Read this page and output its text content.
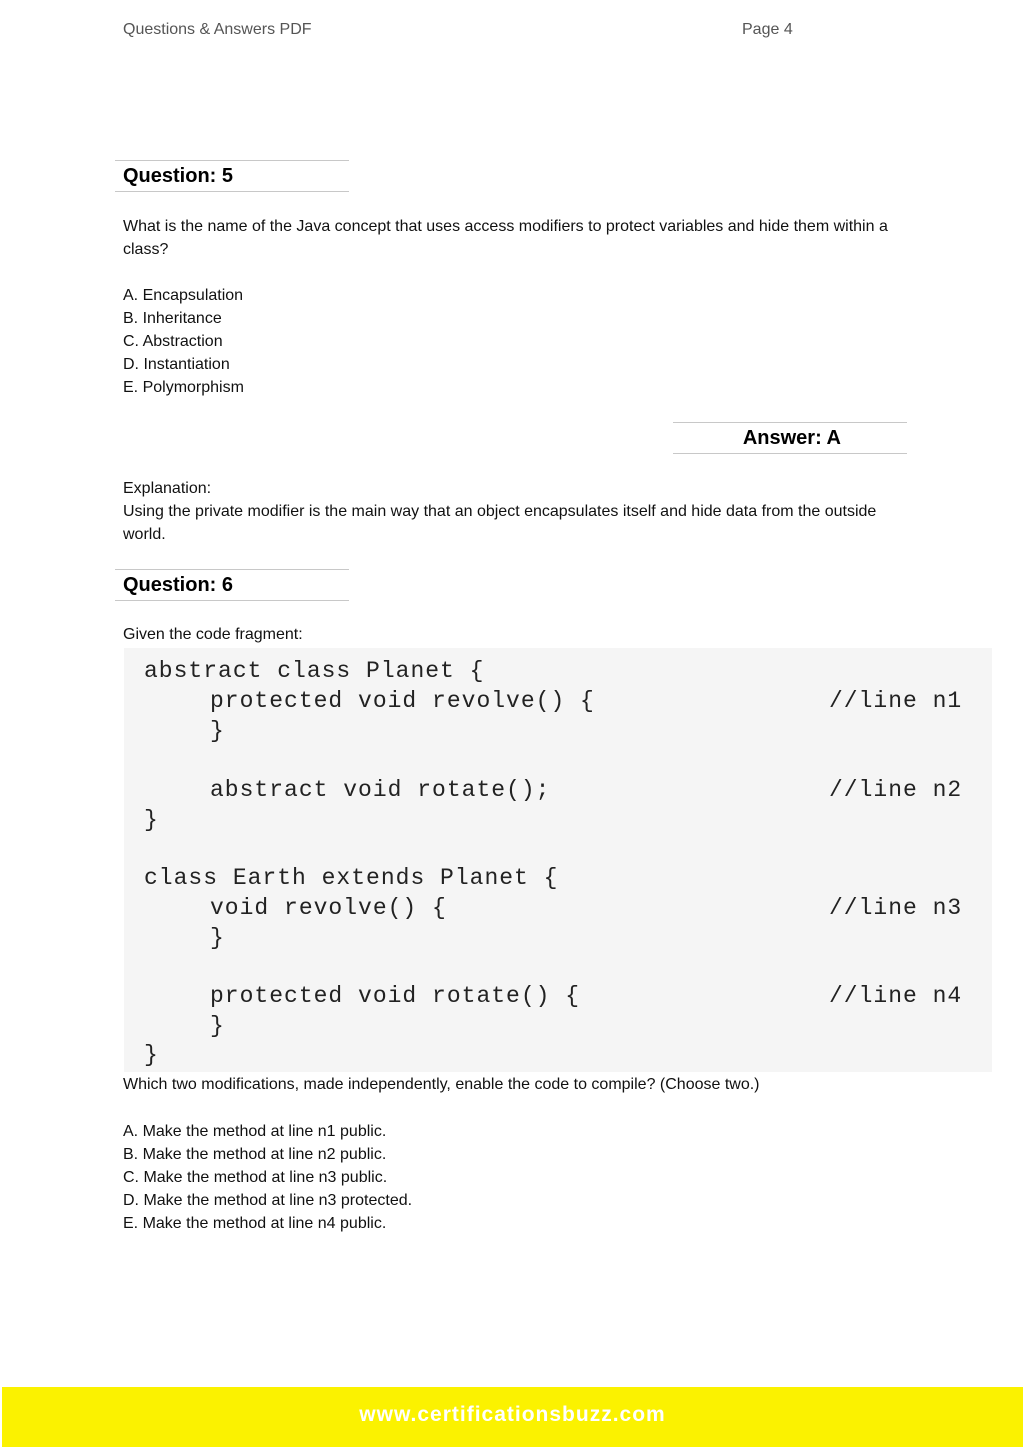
Questions & Answers PDF	Page 4
Question: 5
What is the name of the Java concept that uses access modifiers to protect variables and hide them within a class?
A. Encapsulation
B. Inheritance
C. Abstraction
D. Instantiation
E. Polymorphism
Answer: A
Explanation:
Using the private modifier is the main way that an object encapsulates itself and hide data from the outside world.
Question: 6
Given the code fragment:
abstract class Planet {
protected void revolve() {	//line n1
}
abstract void rotate();	//line n2
}
class Earth extends Planet {
void revolve() {	//line n3
}
protected void rotate() {	//line n4
}
}
Which two modifications, made independently, enable the code to compile? (Choose two.)
A. Make the method at line n1 public.
B. Make the method at line n2 public.
C. Make the method at line n3 public.
D. Make the method at line n3 protected.
E. Make the method at line n4 public.
www.certificationsbuzz.com
